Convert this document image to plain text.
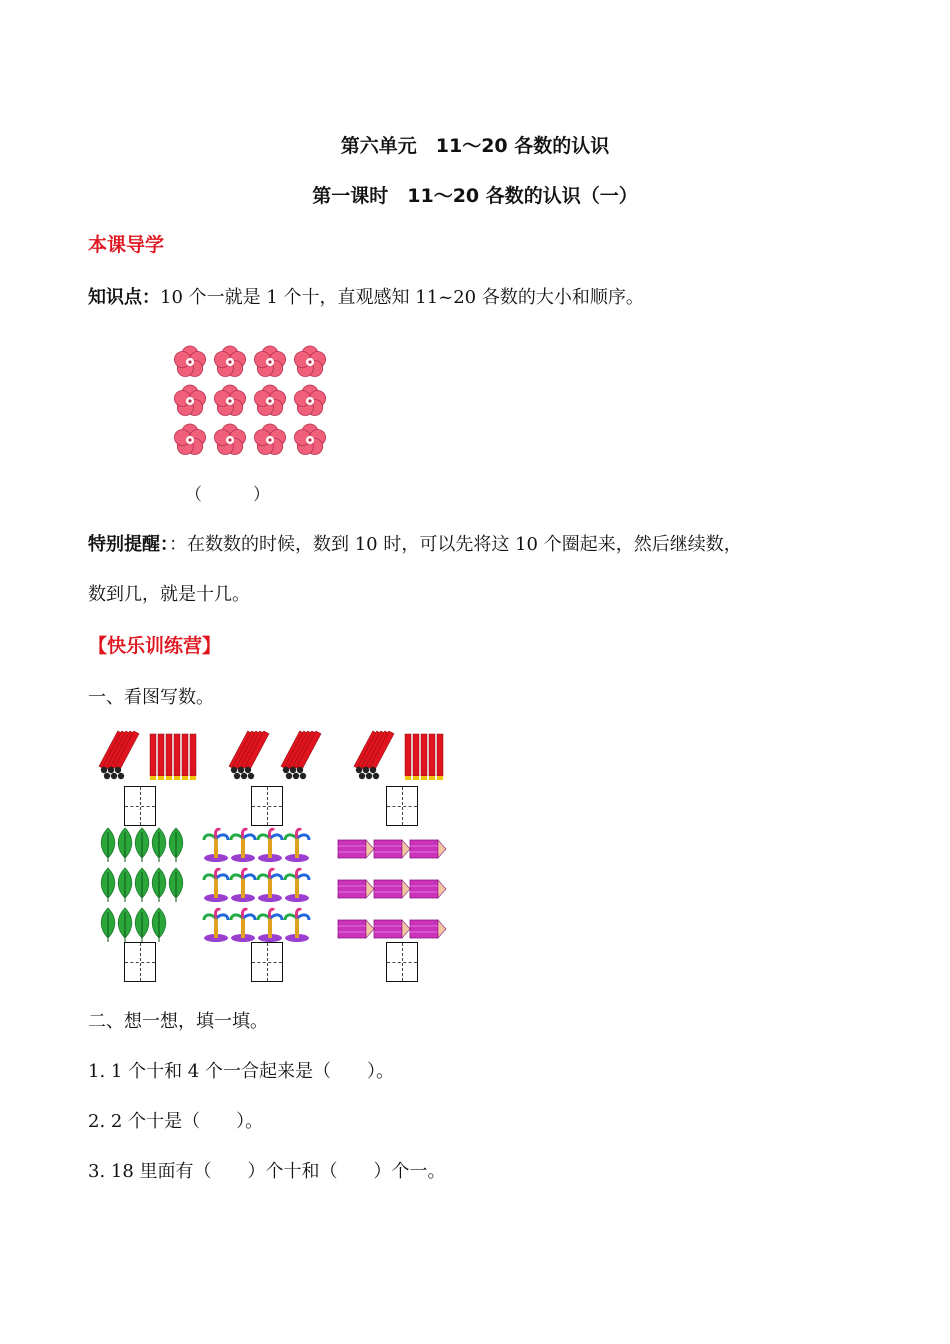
第六单元　11～20 各数的认识
第一课时　11～20 各数的认识（一）
本课导学
知识点：10 个一就是 1 个十，直观感知 11~20 各数的大小和顺序。
（　　　）
特别提醒：：在数数的时候，数到 10 时，可以先将这 10 个圈起来，然后继续数，
数到几，就是十几。
【快乐训练营】
一、看图写数。
二、想一想，填一填。
1. 1 个十和 4 个一合起来是（　　）。
2. 2 个十是（　　）。
3. 18 里面有（　　）个十和（　　）个一。
